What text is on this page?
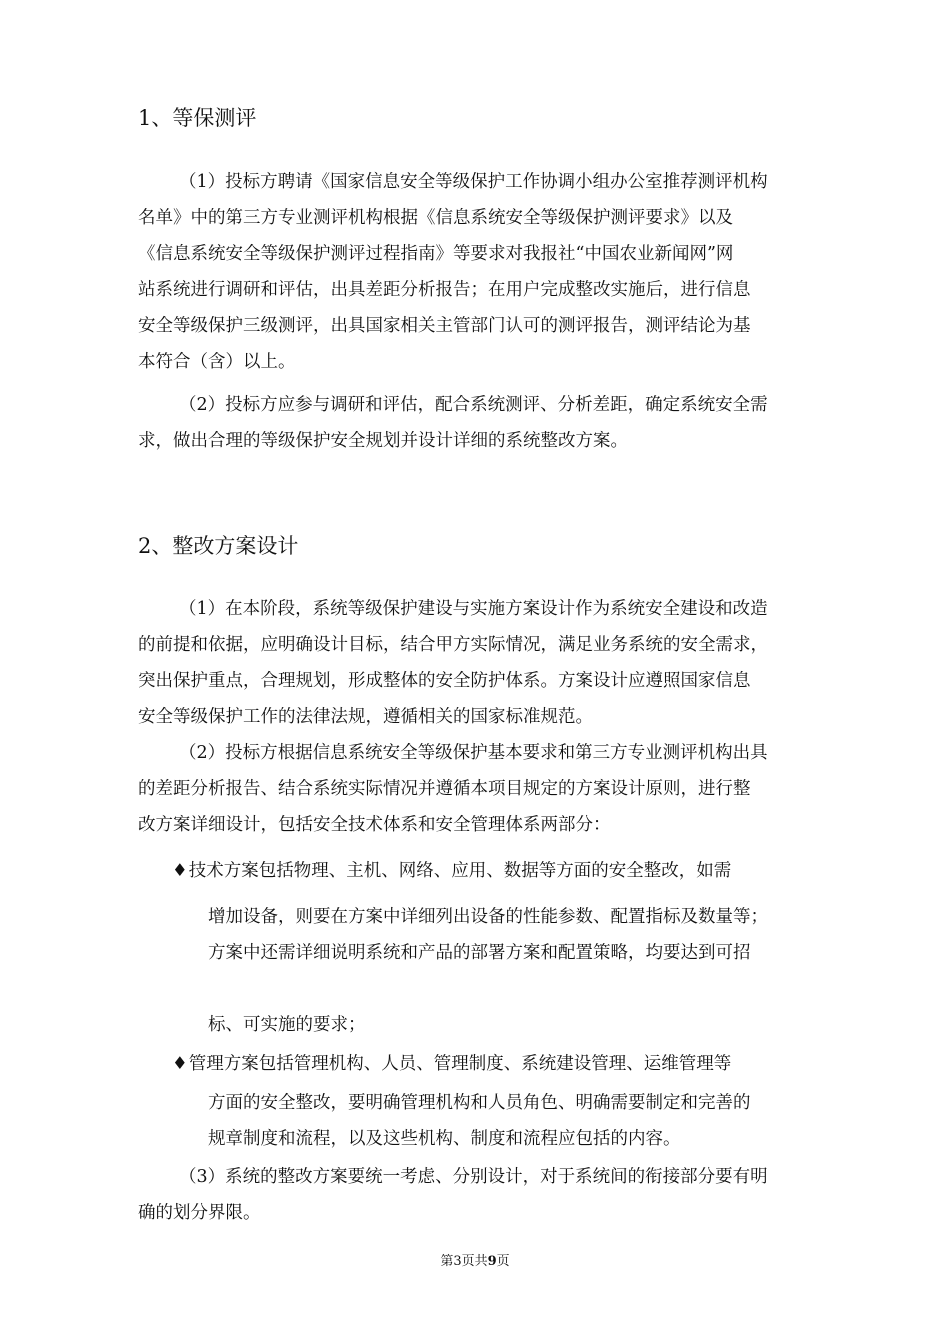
1、等保测评
（1）投标方聘请《国家信息安全等级保护工作协调小组办公室推荐测评机构
名单》中的第三方专业测评机构根据《信息系统安全等级保护测评要求》以及
《信息系统安全等级保护测评过程指南》等要求对我报社“中国农业新闻网”网
站系统进行调研和评估，出具差距分析报告；在用户完成整改实施后，进行信息
安全等级保护三级测评，出具国家相关主管部门认可的测评报告，测评结论为基
本符合（含）以上。
（2）投标方应参与调研和评估，配合系统测评、分析差距，确定系统安全需
求，做出合理的等级保护安全规划并设计详细的系统整改方案。
2、整改方案设计
（1）在本阶段，系统等级保护建设与实施方案设计作为系统安全建设和改造
的前提和依据，应明确设计目标，结合甲方实际情况，满足业务系统的安全需求，
突出保护重点，合理规划，形成整体的安全防护体系。方案设计应遵照国家信息
安全等级保护工作的法律法规，遵循相关的国家标准规范。
（2）投标方根据信息系统安全等级保护基本要求和第三方专业测评机构出具
的差距分析报告、结合系统实际情况并遵循本项目规定的方案设计原则，进行整
改方案详细设计，包括安全技术体系和安全管理体系两部分：
♦技术方案包括物理、主机、网络、应用、数据等方面的安全整改，如需
增加设备，则要在方案中详细列出设备的性能参数、配置指标及数量等；
方案中还需详细说明系统和产品的部署方案和配置策略，均要达到可招
标、可实施的要求；
♦管理方案包括管理机构、人员、管理制度、系统建设管理、运维管理等
方面的安全整改，要明确管理机构和人员角色、明确需要制定和完善的
规章制度和流程，以及这些机构、制度和流程应包括的内容。
（3）系统的整改方案要统一考虑、分别设计，对于系统间的衔接部分要有明
确的划分界限。
第3页共9页
